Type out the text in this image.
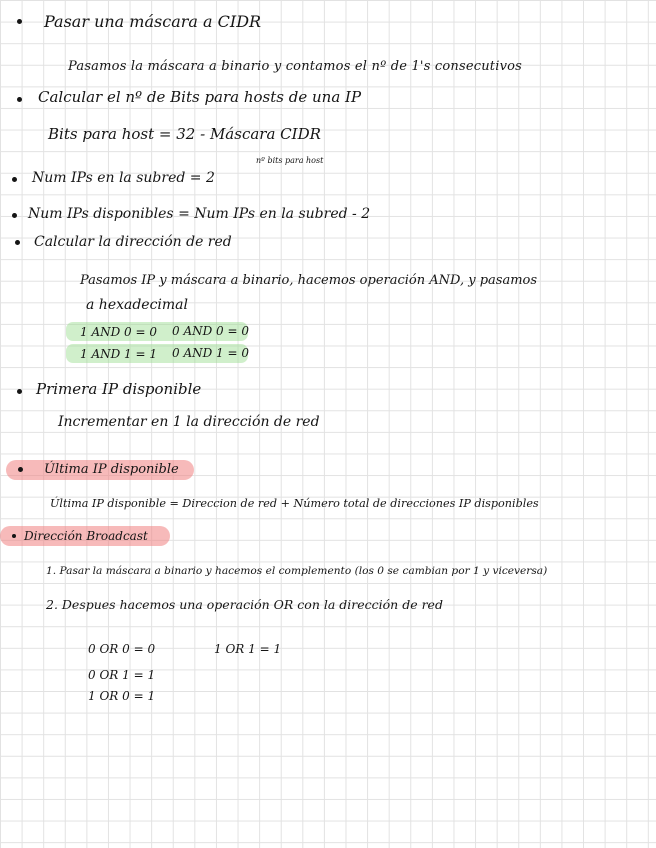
Pasar una máscara a CIDR
Pasamos la máscara a binario y contamos el nº de 1's consecutivos
Calcular el nº de Bits para hosts de una IP
Bits para host = 32 - Máscara CIDR
Num IPs en la subred = 2
nº bits para host
Num IPs disponibles = Num IPs en la subred - 2
Calcular la dirección de red
Pasamos IP y máscara a binario, hacemos operación AND, y pasamos
a hexadecimal
1 AND 0 = 0 0 AND 0 = 0
1 AND 1 = 1 0 AND 1 = 0
Primera IP disponible
Incrementar en 1 la dirección de red
Última IP disponible
Última IP disponible = Direccion de red + Número total de direcciones IP disponibles
Dirección Broadcast
1. Pasar la máscara a binario y hacemos el complemento (los 0 se cambian por 1 y viceversa)
2. Despues hacemos una operación OR con la dirección de red
0 OR 0 = 0	1 OR 1 = 1
0 OR 1 = 1
1 OR 0 = 1
